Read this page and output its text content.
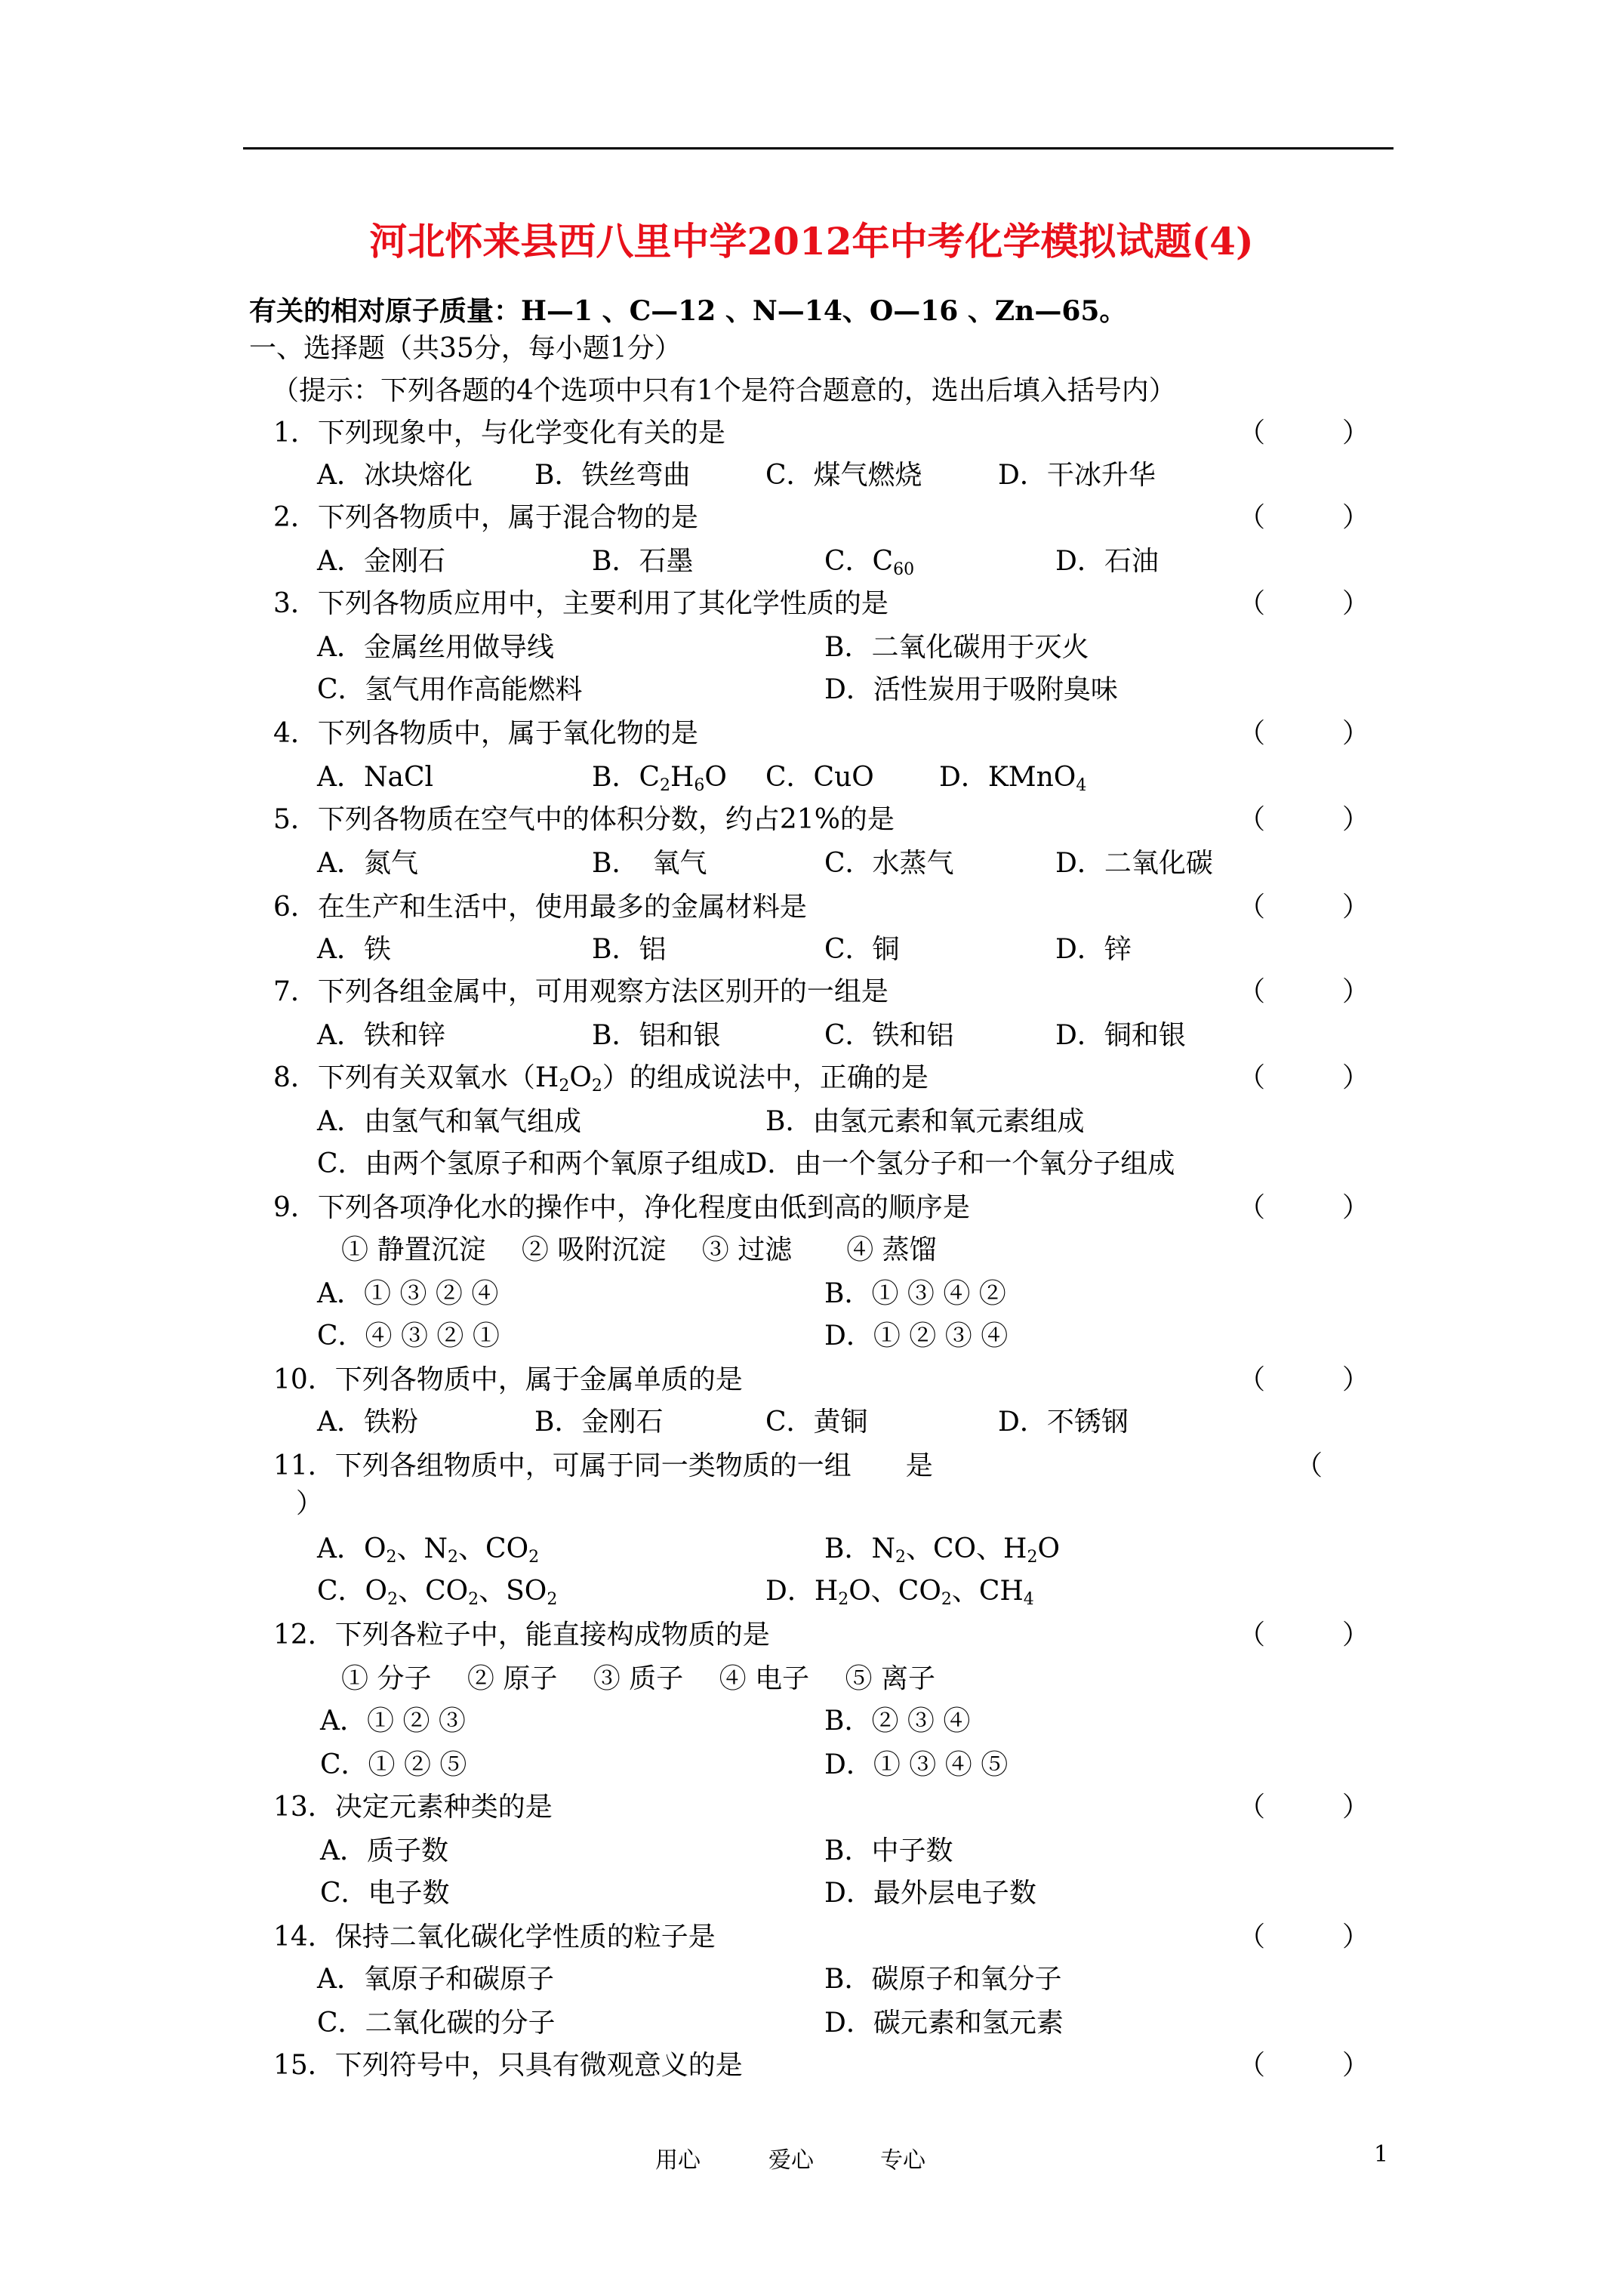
河北怀来县西八里中学2012年中考化学模拟试题(4)
有关的相对原子质量：H—1 、C—12 、N—14、O—16 、Zn—65。
一、选择题（共35分，每小题1分）
（提示：下列各题的4个选项中只有1个是符合题意的，选出后填入括号内）
1．下列现象中，与化学变化有关的是	（	）
A．冰块熔化 B．铁丝弯曲	C．煤气燃烧	D．干冰升华
2．下列各物质中，属于混合物的是	（	）
A．金刚石	B．石墨	C．$C_{60}$	D．石油
3．下列各物质应用中，主要利用了其化学性质的是	（	）
A．金属丝用做导线	B．二氧化碳用于灭火
C．氢气用作高能燃料	D．活性炭用于吸附臭味
4．下列各物质中，属于氧化物的是	（	）
A．NaCl	B．$C_2H_6O$ C．CuO D．KMnO$_4$
5．下列各物质在空气中的体积分数，约占21%的是	（	）
A．氮气	B．　氧气	C．水蒸气	D．二氧化碳
6．在生产和生活中，使用最多的金属材料是	（	）
A．铁	B．铝	C．铜	D．锌
7．下列各组金属中，可用观察方法区别开的一组是	（	）
A．铁和锌	B．铝和银	C．铁和铝	D．铜和银
8．下列有关双氧水$(H_2O_2)$的组成说法中，正确的是	（	）
A．由氢气和氧气组成	B．由氢元素和氧元素组成
C．由两个氢原子和两个氧原子组成D．由一个氢分子和一个氧分子组成
9．下列各项净化水的操作中，净化程度由低到高的顺序是	（	）
① 静置沉淀　 ② 吸附沉淀　 ③ 过滤　　④ 蒸馏
A．① ③ ② ④	B．① ③ ④ ②
C．④ ③ ② ①	D．① ② ③ ④
10．下列各物质中，属于金属单质的是	（	）
A．铁粉	B．金刚石	C．黄铜	D．不锈钢
11．下列各组物质中，可属于同一类物质的一组　　是	（
）
A．$O_2$、$N_2$、$CO_2$	B．$N_2$、CO、$H_2O$
C．$O_2$、$CO_2$、$SO_2$	D．$H_2O$、$CO_2$、$CH_4$
12．下列各粒子中，能直接构成物质的是	（	）
① 分子　 ② 原子　 ③ 质子　 ④ 电子　 ⑤ 离子
A．① ② ③	B．② ③ ④
C．① ② ⑤	D．① ③ ④ ⑤
13．决定元素种类的是	（	）
A．质子数	B．中子数
C．电子数	D．最外层电子数
14．保持二氧化碳化学性质的粒子是	（	）
A．氧原子和碳原子	B．碳原子和氧分子
C．二氧化碳的分子	D．碳元素和氢元素
15．下列符号中，只具有微观意义的是	（	）
用心	爱心	专心	1
